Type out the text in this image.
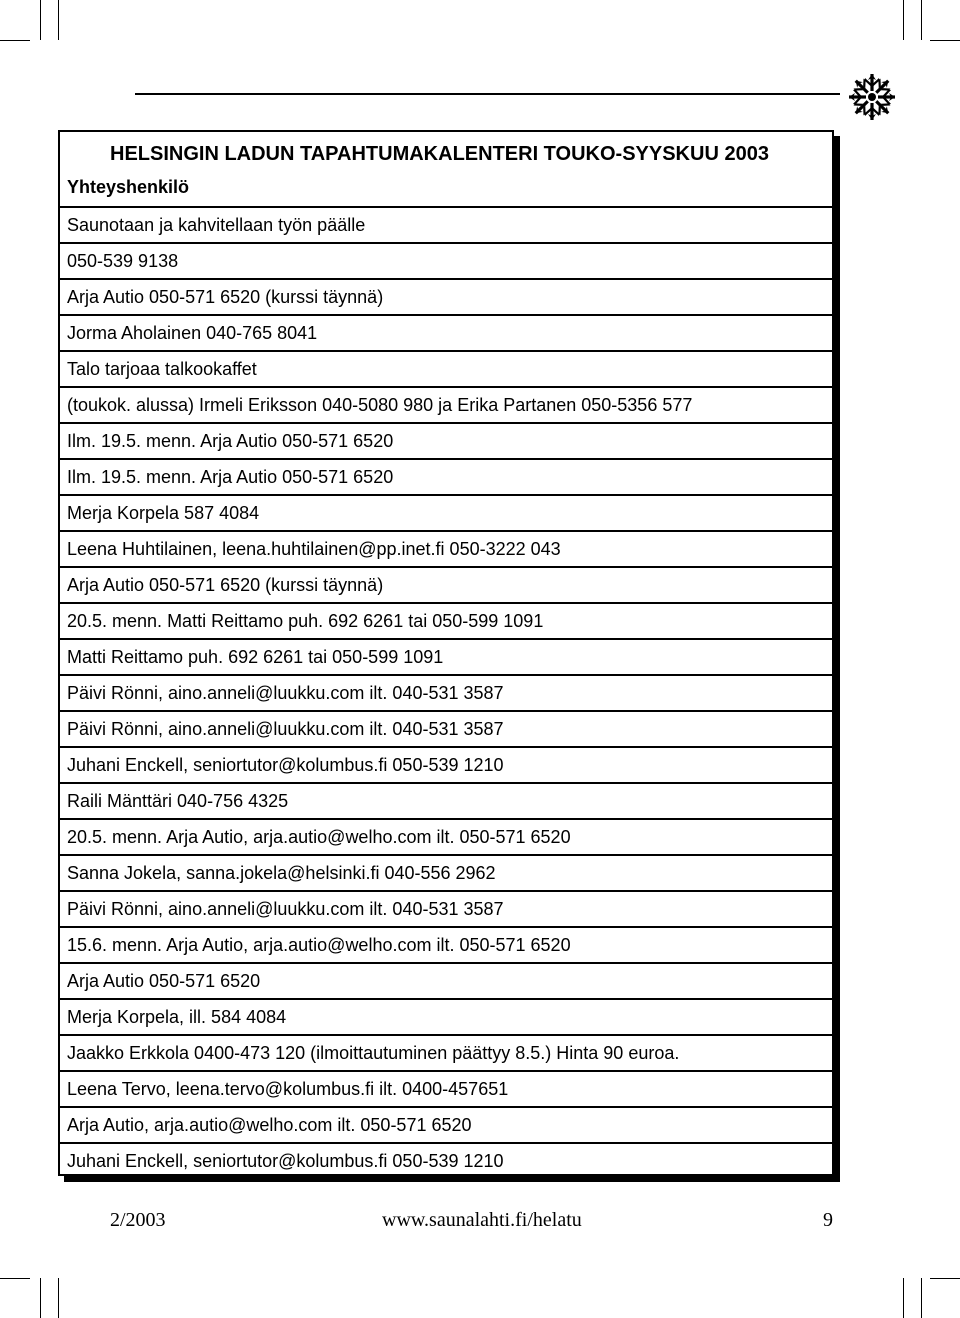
HELSINGIN LADUN TAPAHTUMAKALENTERI TOUKO-SYYSKUU 2003
Yhteyshenkilö
Saunotaan ja kahvitellaan työn päälle
050-539 9138
Arja Autio 050-571 6520 (kurssi täynnä)
Jorma Aholainen 040-765 8041
Talo tarjoaa talkookaffet
(toukok. alussa) Irmeli Eriksson 040-5080 980 ja Erika Partanen 050-5356 577
Ilm. 19.5. menn. Arja Autio 050-571 6520
Ilm. 19.5. menn. Arja Autio 050-571 6520
Merja Korpela 587 4084
Leena Huhtilainen, leena.huhtilainen@pp.inet.fi 050-3222 043
Arja Autio 050-571 6520 (kurssi täynnä)
20.5. menn. Matti Reittamo puh. 692 6261 tai 050-599 1091
Matti Reittamo puh. 692 6261 tai 050-599 1091
Päivi Rönni, aino.anneli@luukku.com ilt. 040-531 3587
Päivi Rönni, aino.anneli@luukku.com ilt. 040-531 3587
Juhani Enckell, seniortutor@kolumbus.fi 050-539 1210
Raili Mänttäri 040-756 4325
20.5. menn. Arja Autio, arja.autio@welho.com ilt. 050-571 6520
Sanna Jokela, sanna.jokela@helsinki.fi 040-556 2962
Päivi Rönni, aino.anneli@luukku.com ilt. 040-531 3587
15.6. menn. Arja Autio, arja.autio@welho.com ilt. 050-571 6520
Arja Autio 050-571 6520
Merja Korpela, ill. 584 4084
Jaakko Erkkola 0400-473 120 (ilmoittautuminen päättyy 8.5.) Hinta 90 euroa.
Leena Tervo, leena.tervo@kolumbus.fi ilt. 0400-457651
Arja Autio, arja.autio@welho.com ilt. 050-571 6520
Juhani Enckell, seniortutor@kolumbus.fi 050-539 1210
2/2003	www.saunalahti.fi/helatu	9
